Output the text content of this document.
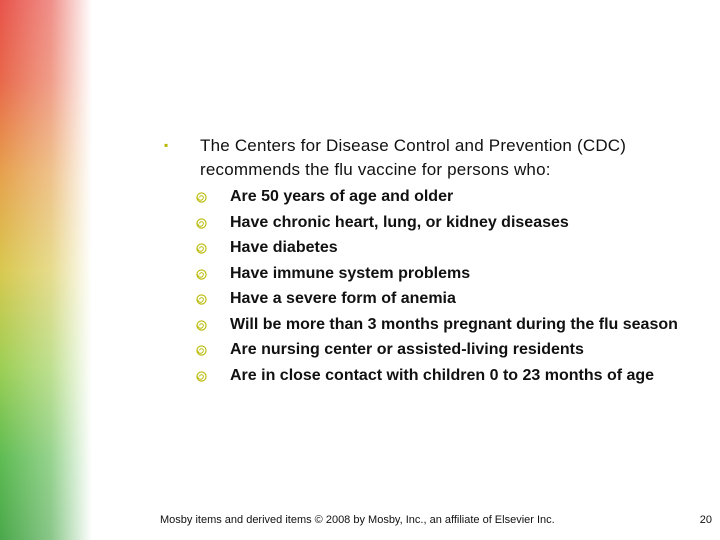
▪ The Centers for Disease Control and Prevention (CDC) recommends the flu vaccine for persons who:
Are 50 years of age and older
Have chronic heart, lung, or kidney diseases
Have diabetes
Have immune system problems
Have a severe form of anemia
Will be more than 3 months pregnant during the flu season
Are nursing center or assisted-living residents
Are in close contact with children 0 to 23 months of age
Mosby items and derived items © 2008 by Mosby, Inc., an affiliate of Elsevier Inc.	20
